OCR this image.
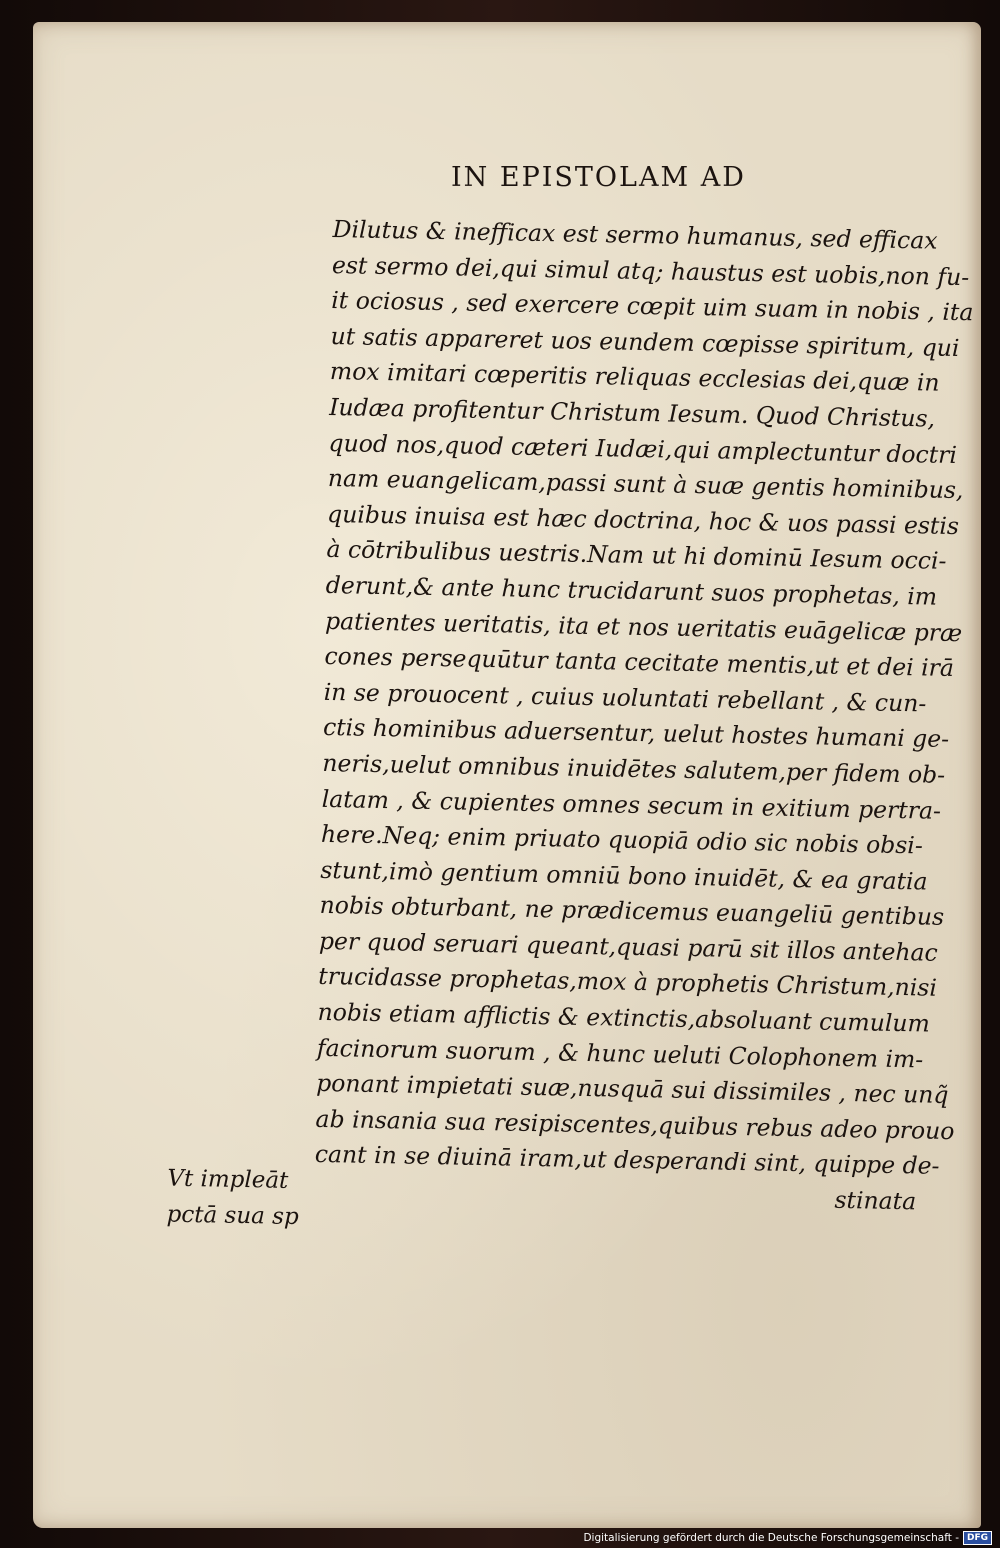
IN EPISTOLAM AD
Dilutus & inefficax est sermo humanus, sed efficax
est sermo dei,qui simul atq; haustus est uobis,non fu-
it ociosus , sed exercere cœpit uim suam in nobis , ita
ut satis appareret uos eundem cœpisse spiritum, qui
mox imitari cœperitis reliquas ecclesias dei,quæ in
Iudæa profitentur Christum Iesum. Quod Christus,
quod nos,quod cæteri Iudæi,qui amplectuntur doctri
nam euangelicam,passi sunt à suæ gentis hominibus,
quibus inuisa est hæc doctrina, hoc & uos passi estis
à cōtribulibus uestris.Nam ut hi dominū Iesum occi-
derunt,& ante hunc trucidarunt suos prophetas, im
patientes ueritatis, ita et nos ueritatis euāgelicæ præ
cones persequūtur tanta cecitate mentis,ut et dei irā
in se prouocent , cuius uoluntati rebellant , & cun-
ctis hominibus aduersentur, uelut hostes humani ge-
neris,uelut omnibus inuidētes salutem,per fidem ob-
latam , & cupientes omnes secum in exitium pertra-
here.Neq; enim priuato quopiā odio sic nobis obsi-
stunt,imò gentium omniū bono inuidēt, & ea gratia
nobis obturbant, ne prædicemus euangeliū gentibus
per quod seruari queant,quasi parū sit illos antehac
trucidasse prophetas,mox à prophetis Christum,nisi
nobis etiam afflictis & extinctis,absoluant cumulum
facinorum suorum , & hunc ueluti Colophonem im-
ponant impietati suæ,nusquā sui dissimiles , nec unq̃
ab insania sua resipiscentes,quibus rebus adeo prouo
cant in se diuinā iram,ut desperandi sint, quippe de-
stinata
Vt impleāt
pctā sua sp
Digitalisierung gefördert durch die Deutsche Forschungsgemeinschaft - DFG
